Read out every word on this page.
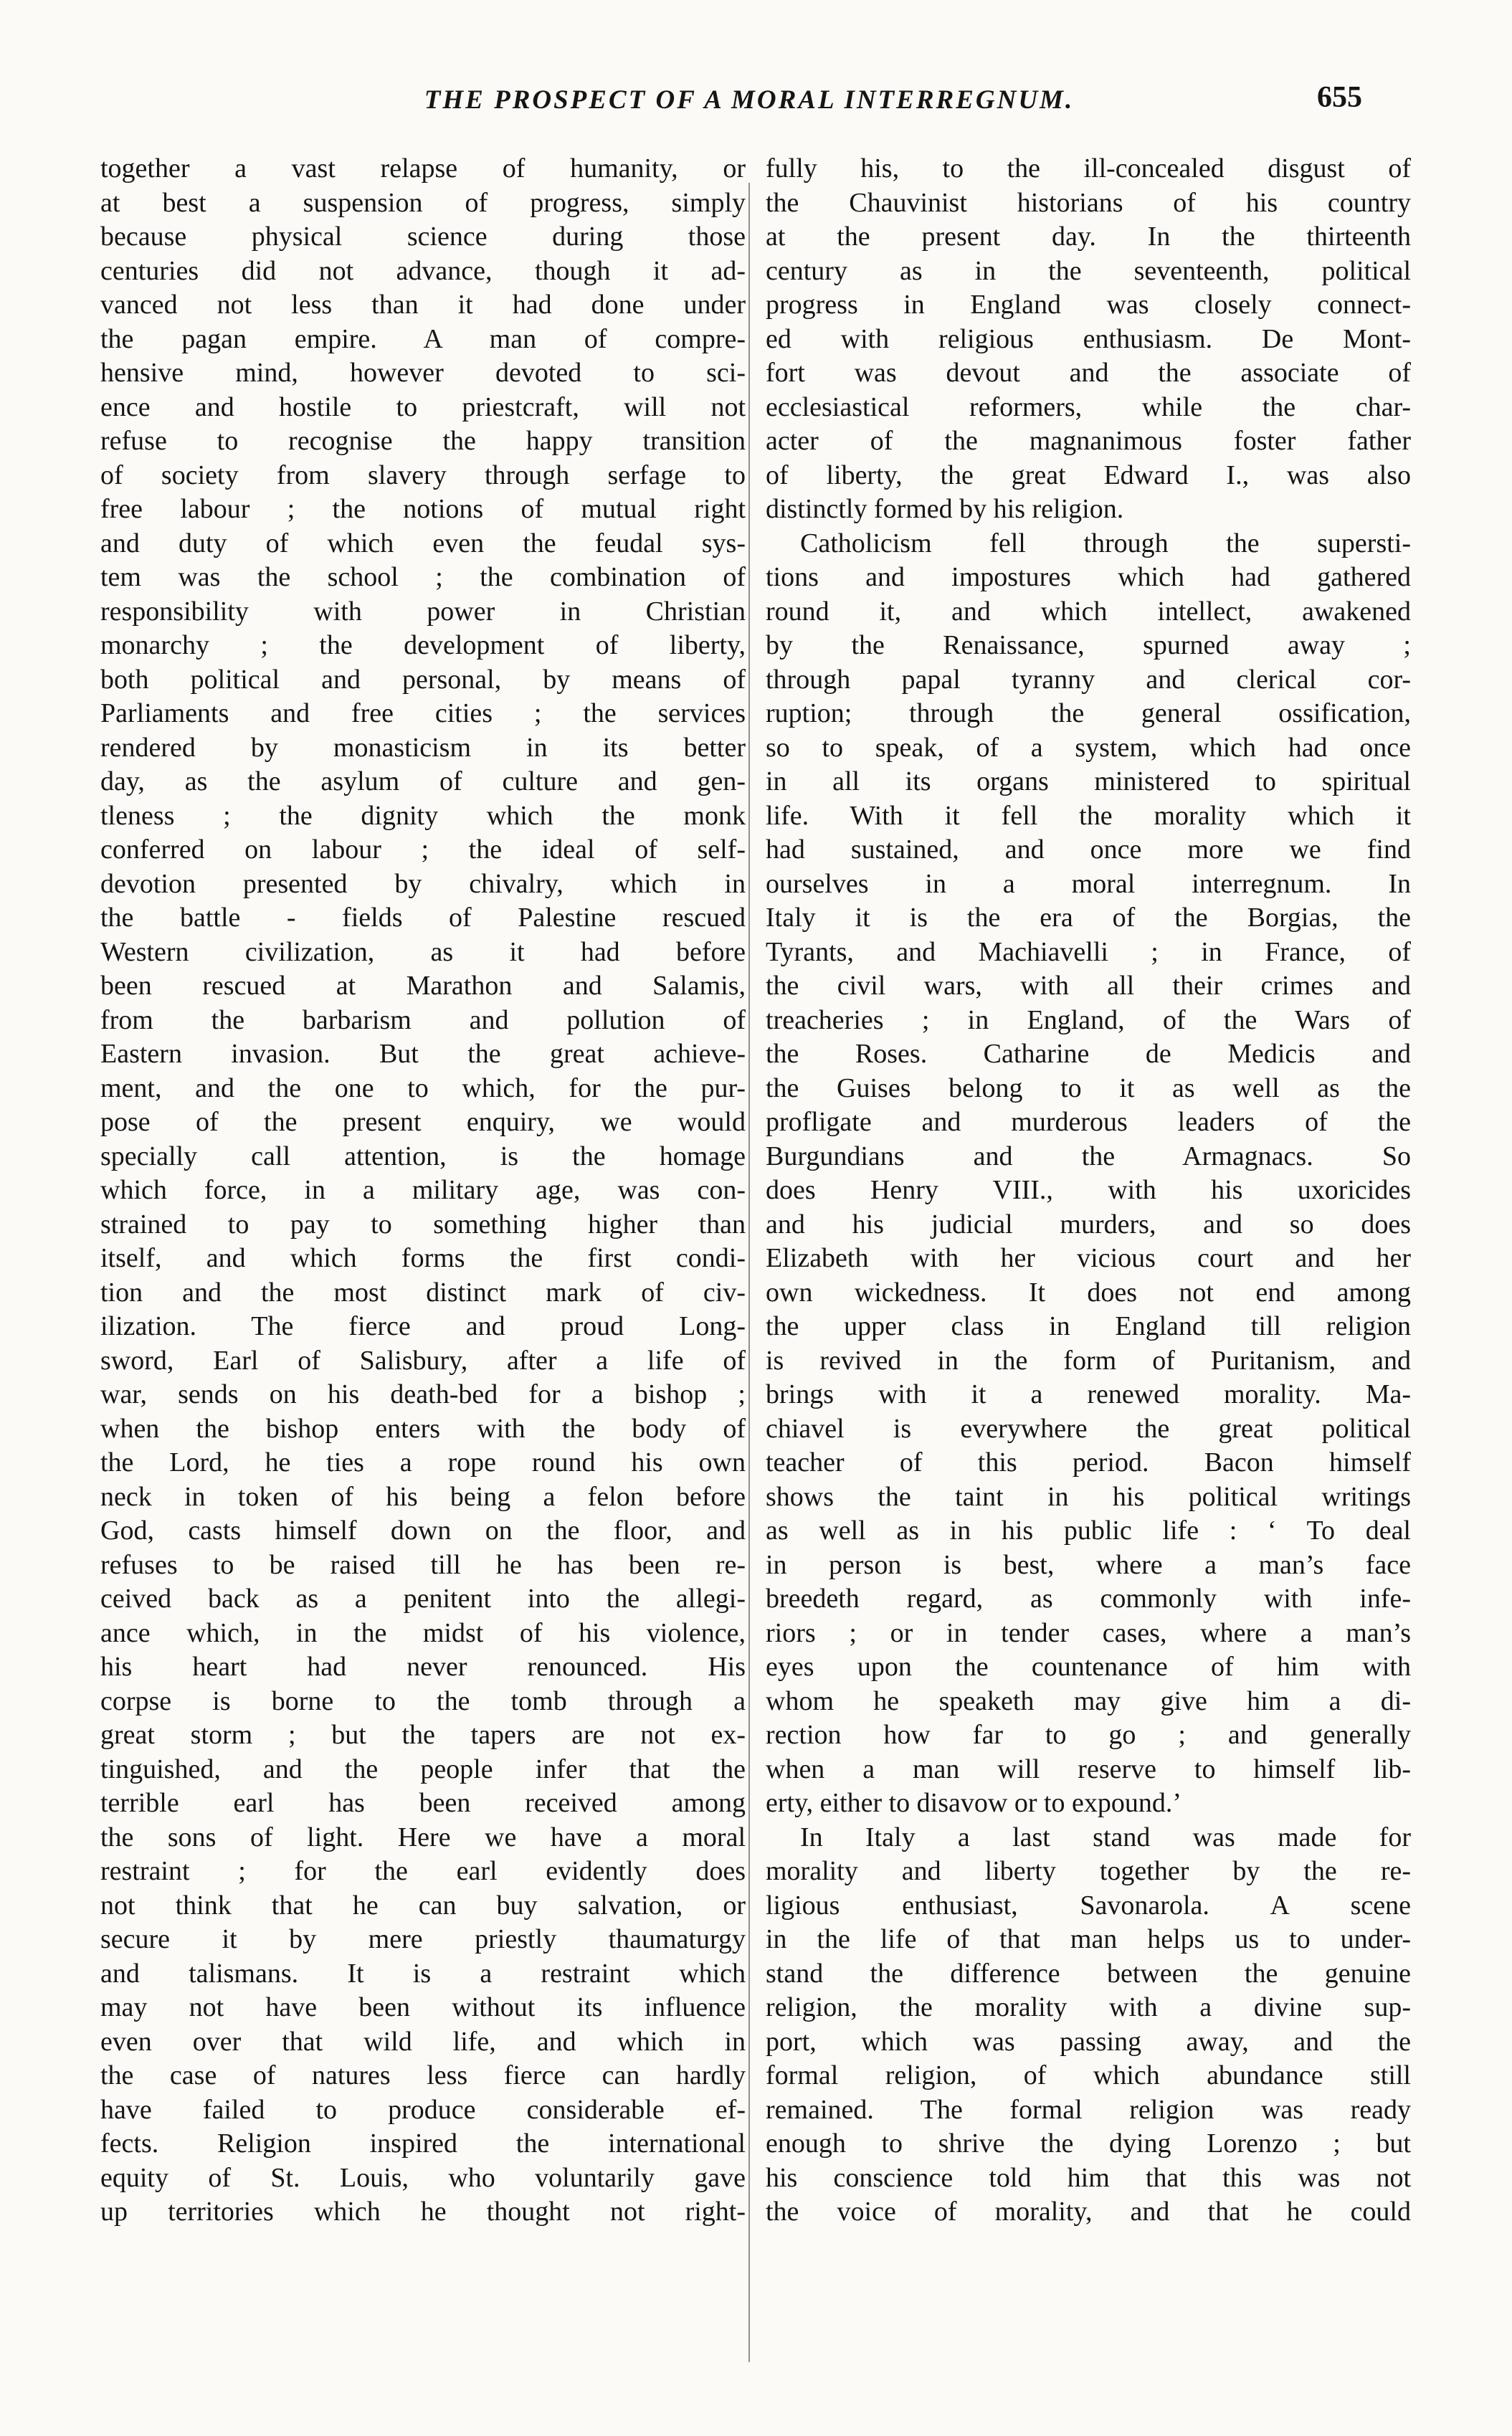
THE PROSPECT OF A MORAL INTERREGNUM.	655
together a vast relapse of humanity, or
at best a suspension of progress, simply
because physical science during those
centuries did not advance, though it ad-
vanced not less than it had done under
the pagan empire. A man of compre-
hensive mind, however devoted to sci-
ence and hostile to priestcraft, will not
refuse to recognise the happy transition
of society from slavery through serfage to
free labour ; the notions of mutual right
and duty of which even the feudal sys-
tem was the school ; the combination of
responsibility with power in Christian
monarchy ; the development of liberty,
both political and personal, by means of
Parliaments and free cities ; the services
rendered by monasticism in its better
day, as the asylum of culture and gen-
tleness ; the dignity which the monk
conferred on labour ; the ideal of self-
devotion presented by chivalry, which in
the battle - fields of Palestine rescued
Western civilization, as it had before
been rescued at Marathon and Salamis,
from the barbarism and pollution of
Eastern invasion. But the great achieve-
ment, and the one to which, for the pur-
pose of the present enquiry, we would
specially call attention, is the homage
which force, in a military age, was con-
strained to pay to something higher than
itself, and which forms the first condi-
tion and the most distinct mark of civ-
ilization. The fierce and proud Long-
sword, Earl of Salisbury, after a life of
war, sends on his death-bed for a bishop ;
when the bishop enters with the body of
the Lord, he ties a rope round his own
neck in token of his being a felon before
God, casts himself down on the floor, and
refuses to be raised till he has been re-
ceived back as a penitent into the allegi-
ance which, in the midst of his violence,
his heart had never renounced. His
corpse is borne to the tomb through a
great storm ; but the tapers are not ex-
tinguished, and the people infer that the
terrible earl has been received among
the sons of light. Here we have a moral
restraint ; for the earl evidently does
not think that he can buy salvation, or
secure it by mere priestly thaumaturgy
and talismans. It is a restraint which
may not have been without its influence
even over that wild life, and which in
the case of natures less fierce can hardly
have failed to produce considerable ef-
fects. Religion inspired the international
equity of St. Louis, who voluntarily gave
up territories which he thought not right-
fully his, to the ill-concealed disgust of
the Chauvinist historians of his country
at the present day. In the thirteenth
century as in the seventeenth, political
progress in England was closely connect-
ed with religious enthusiasm. De Mont-
fort was devout and the associate of
ecclesiastical reformers, while the char-
acter of the magnanimous foster father
of liberty, the great Edward I., was also
distinctly formed by his religion.
Catholicism fell through the supersti-
tions and impostures which had gathered
round it, and which intellect, awakened
by the Renaissance, spurned away ;
through papal tyranny and clerical cor-
ruption; through the general ossification,
so to speak, of a system, which had once
in all its organs ministered to spiritual
life. With it fell the morality which it
had sustained, and once more we find
ourselves in a moral interregnum. In
Italy it is the era of the Borgias, the
Tyrants, and Machiavelli ; in France, of
the civil wars, with all their crimes and
treacheries ; in England, of the Wars of
the Roses. Catharine de Medicis and
the Guises belong to it as well as the
profligate and murderous leaders of the
Burgundians and the Armagnacs. So
does Henry VIII., with his uxoricides
and his judicial murders, and so does
Elizabeth with her vicious court and her
own wickedness. It does not end among
the upper class in England till religion
is revived in the form of Puritanism, and
brings with it a renewed morality. Ma-
chiavel is everywhere the great political
teacher of this period. Bacon himself
shows the taint in his political writings
as well as in his public life : ‘ To deal
in person is best, where a man’s face
breedeth regard, as commonly with infe-
riors ; or in tender cases, where a man’s
eyes upon the countenance of him with
whom he speaketh may give him a di-
rection how far to go ; and generally
when a man will reserve to himself lib-
erty, either to disavow or to expound.’
In Italy a last stand was made for
morality and liberty together by the re-
ligious enthusiast, Savonarola. A scene
in the life of that man helps us to under-
stand the difference between the genuine
religion, the morality with a divine sup-
port, which was passing away, and the
formal religion, of which abundance still
remained. The formal religion was ready
enough to shrive the dying Lorenzo ; but
his conscience told him that this was not
the voice of morality, and that he could
